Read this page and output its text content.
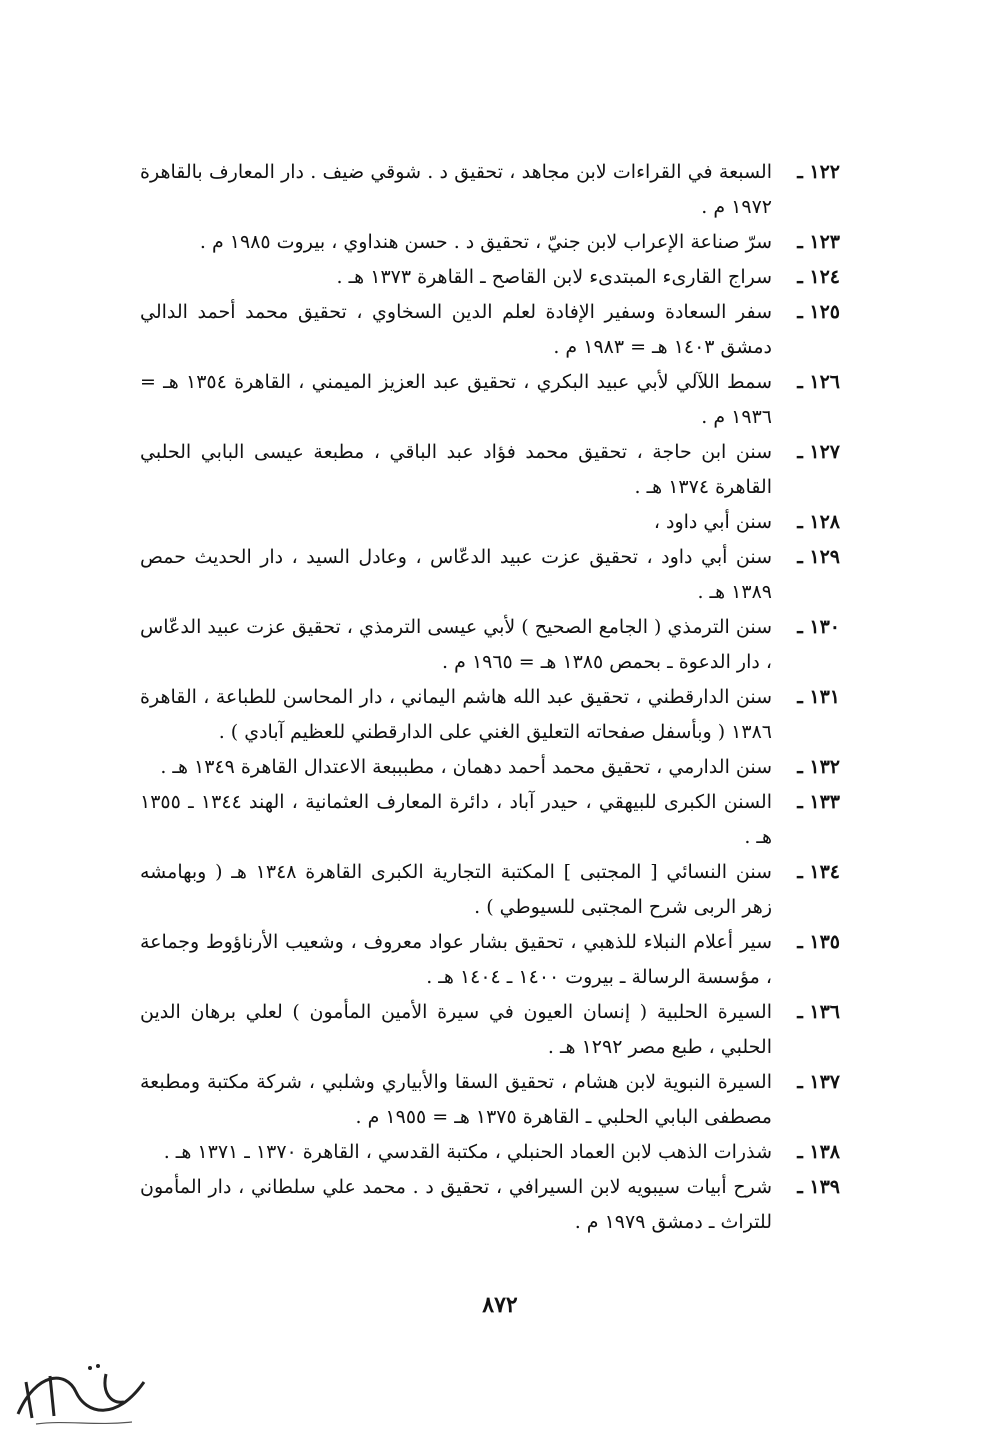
١٢٢ ـ
السبعة في القراءات لابن مجاهد ، تحقيق د . شوقي ضيف . دار المعارف بالقاهرة ١٩٧٢ م .
١٢٣ ـ
سرّ صناعة الإعراب لابن جنيّ ، تحقيق د . حسن هنداوي ، بيروت ١٩٨٥ م .
١٢٤ ـ
سراج القارىء المبتدىء لابن القاصح ـ القاهرة ١٣٧٣ هـ .
١٢٥ ـ
سفر السعادة وسفير الإفادة لعلم الدين السخاوي ، تحقيق محمد أحمد الدالي دمشق ١٤٠٣ هـ = ١٩٨٣ م .
١٢٦ ـ
سمط اللآلي لأبي عبيد البكري ، تحقيق عبد العزيز الميمني ، القاهرة ١٣٥٤ هـ = ١٩٣٦ م .
١٢٧ ـ
سنن ابن حاجة ، تحقيق محمد فؤاد عبد الباقي ، مطبعة عيسى البابي الحلبي القاهرة ١٣٧٤ هـ .
١٢٨ ـ
سنن أبي داود ،
١٢٩ ـ
سنن أبي داود ، تحقيق عزت عبيد الدعّاس ، وعادل السيد ، دار الحديث حمص ١٣٨٩ هـ .
١٣٠ ـ
سنن الترمذي ( الجامع الصحيح ) لأبي عيسى الترمذي ، تحقيق عزت عبيد الدعّاس ، دار الدعوة ـ بحمص ١٣٨٥ هـ = ١٩٦٥ م .
١٣١ ـ
سنن الدارقطني ، تحقيق عبد الله هاشم اليماني ، دار المحاسن للطباعة ، القاهرة ١٣٨٦ ( وبأسفل صفحاته التعليق الغني على الدارقطني للعظيم آبادي ) .
١٣٢ ـ
سنن الدارمي ، تحقيق محمد أحمد دهمان ، مطبببعة الاعتدال القاهرة ١٣٤٩ هـ .
١٣٣ ـ
السنن الكبرى للبيهقي ، حيدر آباد ، دائرة المعارف العثمانية ، الهند ١٣٤٤ ـ ١٣٥٥ هـ .
١٣٤ ـ
سنن النسائي [ المجتبى ] المكتبة التجارية الكبرى القاهرة ١٣٤٨ هـ ( وبهامشه زهر الربى شرح المجتبى للسيوطي ) .
١٣٥ ـ
سير أعلام النبلاء للذهبي ، تحقيق بشار عواد معروف ، وشعيب الأرناؤوط وجماعة ، مؤسسة الرسالة ـ بيروت ١٤٠٠ ـ ١٤٠٤ هـ .
١٣٦ ـ
السيرة الحلبية ( إنسان العيون في سيرة الأمين المأمون ) لعلي برهان الدين الحلبي ، طبع مصر ١٢٩٢ هـ .
١٣٧ ـ
السيرة النبوية لابن هشام ، تحقيق السقا والأبياري وشلبي ، شركة مكتبة ومطبعة مصطفى البابي الحلبي ـ القاهرة ١٣٧٥ هـ = ١٩٥٥ م .
١٣٨ ـ
شذرات الذهب لابن العماد الحنبلي ، مكتبة القدسي ، القاهرة ١٣٧٠ ـ ١٣٧١ هـ .
١٣٩ ـ
شرح أبيات سيبويه لابن السيرافي ، تحقيق د . محمد علي سلطاني ، دار المأمون للتراث ـ دمشق ١٩٧٩ م .
٨٧٢
